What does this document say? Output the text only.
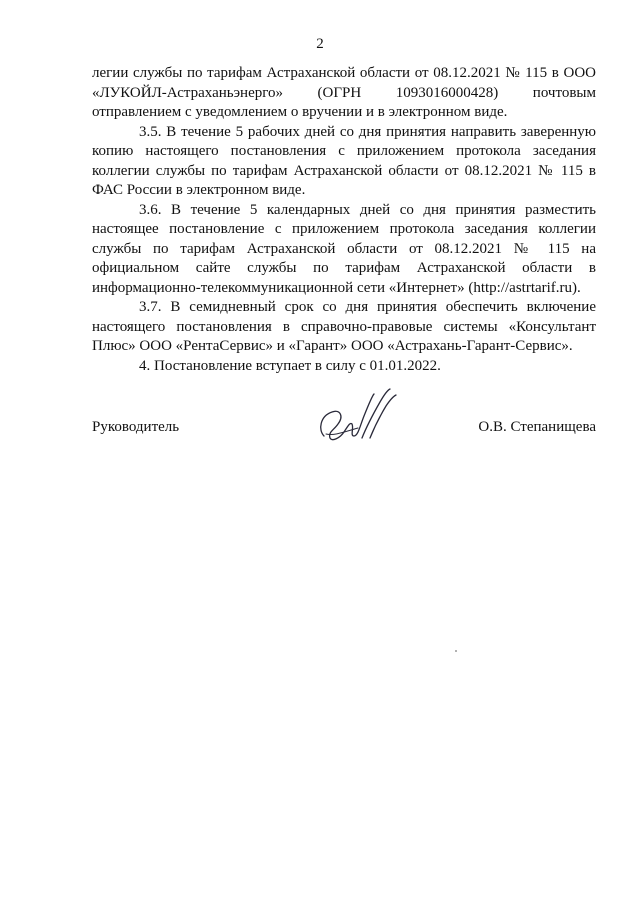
2

легии службы по тарифам Астраханской области от 08.12.2021 № 115 в ООО «ЛУКОЙЛ-Астраханьэнерго» (ОГРН 1093016000428) почтовым отправлением с уведомлением о вручении и в электронном виде.

3.5. В течение 5 рабочих дней со дня принятия направить заверенную копию настоящего постановления с приложением протокола заседания коллегии службы по тарифам Астраханской области от 08.12.2021 № 115 в ФАС России в электронном виде.

3.6. В течение 5 календарных дней со дня принятия разместить настоящее постановление с приложением протокола заседания коллегии службы по тарифам Астраханской области от 08.12.2021 № 115 на официальном сайте службы по тарифам Астраханской области в информационно-телекоммуникационной сети «Интернет» (http://astrtarif.ru).

3.7. В семидневный срок со дня принятия обеспечить включение настоящего постановления в справочно-правовые системы «Консультант Плюс» ООО «РентаСервис» и «Гарант» ООО «Астрахань-Гарант-Сервис».

4. Постановление вступает в силу с 01.01.2022.

Руководитель	О.В. Степанищева
